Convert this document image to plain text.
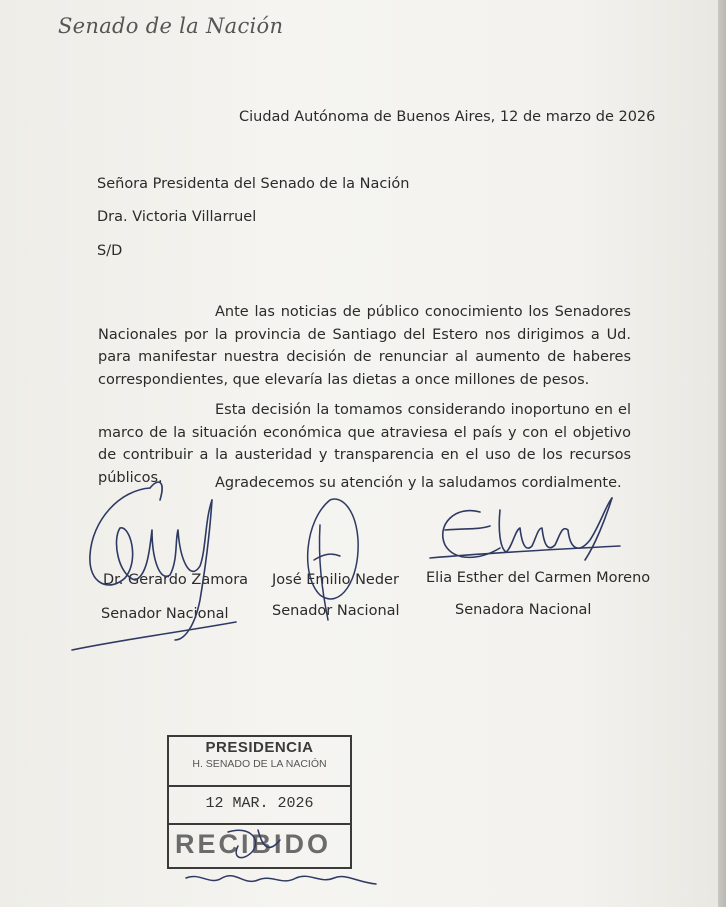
Senado de la Nación
Ciudad Autónoma de Buenos Aires, 12 de marzo de 2026
Señora Presidenta del Senado de la Nación
Dra. Victoria Villarruel
S/D

Ante las noticias de público conocimiento los Senadores Nacionales por la provincia de Santiago del Estero nos dirigimos a Ud. para manifestar nuestra decisión de renunciar al aumento de haberes correspondientes, que elevaría las dietas a once millones de pesos.

Esta decisión la tomamos considerando inoportuno en el marco de la situación económica que atraviesa el país y con el objetivo de contribuir a la austeridad y transparencia en el uso de los recursos públicos.	Agradecemos su atención y la saludamos cordialmente.
Dr. Gerardo Zamora
Senador Nacional
José Emilio Neder
Senador Nacional
Elia Esther del Carmen Moreno
Senadora Nacional
PRESIDENCIA
H. SENADO DE LA NACIÓN
12 MAR. 2026
RECIBIDO
